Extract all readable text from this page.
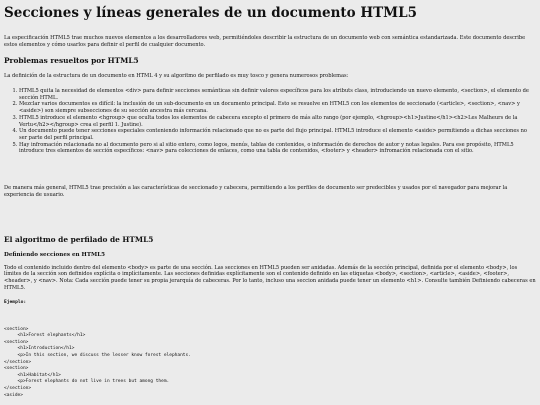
Secciones y líneas generales de un documento HTML5

La especificación HTML5 trae muchos nuevos elementos a los desarrolladores web, permitiéndoles describir la estructura de un documento web con semántica estandarizada. Este documento describe estos elementos y cómo usarlos para definir el perfil de cualquier documento.

Problemas resueltos por HTML5

La definición de la estructura de un documento en HTML 4 y su algoritmo de perfilado es muy tosco y genera numerosos problemas:

1. HTML5 quita la necesidad de elementos <div> para definir secciones semánticas sin definir valores específicos para los atributs class, introduciendo un nuevo elemento, <section>, el elemento de sección HTML.
2. Mezclar varios documentos es difícil: la inclusión de un sub-documento en un documento principal. Esto se resuelve en HTML5 con los elementos de seccionado (<article>, <section>, <nav> y <aside>) son siempre subsecciones de su sección ancestra más cercana.
3. HTML5 introduce el elemento <hgroup> que oculta todos los elementos de cabecera excepto el primero de más alto rango (por ejemplo, <hgroup><h1>Justine</h1><h2>Les Malheurs de la Vertu</h2></hgroup> crea el perfil 1. Justine).
4. Un documento puede tener secciones especiales conteniendo información relacionado que no es parte del flujo principal. HTML5 introduce el elemento <aside> permitiendo a dichas secciones no ser parte del perfil principal.
5. Hay infromación relacionada no al documento pero si al sitio entero, como logos, menús, tablas de contenidos, o información de derechos de autor y notas legales. Para ese propósito, HTML5 introduce tres elementos de sección específicos: <nav> para colecciones de enlaces, como una tabla de contenidos, <footer> y <header> infromación relacionada con el sitio.

De manera más general, HTML5 trae precisión a las características de seccionado y cabecera, permitiendo a los perfiles de documento ser predecibles y usados por el navegador para mejorar la experiencia de usuario.

El algoritmo de perfilado de HTML5
Definiendo secciones en HTML5

Todo el contenido incluido dentro del elemento <body> es parte de una sección. Las secciones en HTML5 pueden ser anidadas. Además de la sección principal, definida por el elemento <body>, los límites de la sección son definidos explícita o implícitamente. Las secciones definidas explícitamente son el contenido definido en las etiquetas <body>, <section>, <article>, <aside>, <footer>, <header>, y <nav>. Nota: Cada sección puede tener su propia jerarquía de cabeceras. Por lo tanto, incluso una seccion anidada puede tener un elemento <h1>. Consulte también Definiendo cabeceras en HTML5.

Ejemplo:
<section>
<h1>Forest elephants</h1>
<section>
<h1>Introduction</h1>
<p>In this section, we discuss the lesser know forest elephants.
</section>
<section>
<h1>Habitat</h1>
<p>Forest elephants do not live in trees but among them.
</section>
<aside>
